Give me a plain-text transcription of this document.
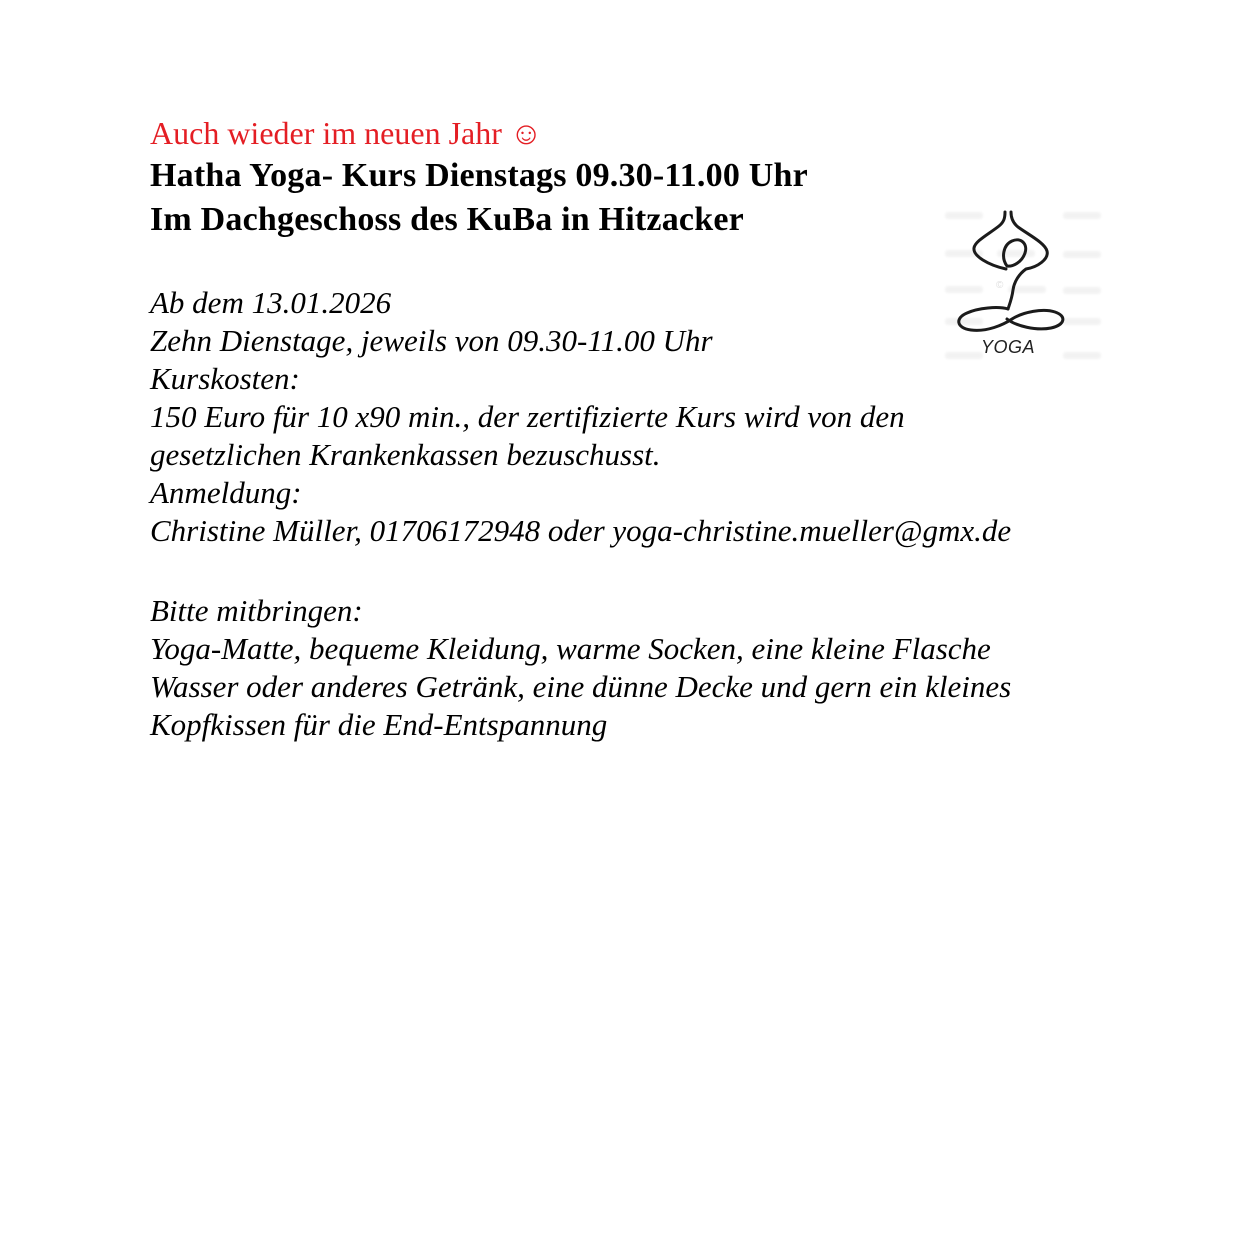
Auch wieder im neuen Jahr ☺
Hatha Yoga- Kurs Dienstags 09.30-11.00 Uhr
Im Dachgeschoss des KuBa in Hitzacker
Ab dem 13.01.2026
Zehn Dienstage, jeweils von 09.30-11.00 Uhr
Kurskosten:
150 Euro für 10 x90 min., der zertifizierte Kurs wird von den
gesetzlichen Krankenkassen bezuschusst.
Anmeldung:
Christine Müller, 01706172948 oder yoga-christine.mueller@gmx.de
Bitte mitbringen:
Yoga-Matte, bequeme Kleidung, warme Socken, eine kleine Flasche
Wasser oder anderes Getränk, eine dünne Decke und gern ein kleines
Kopfkissen für die End-Entspannung
©
YOGA
